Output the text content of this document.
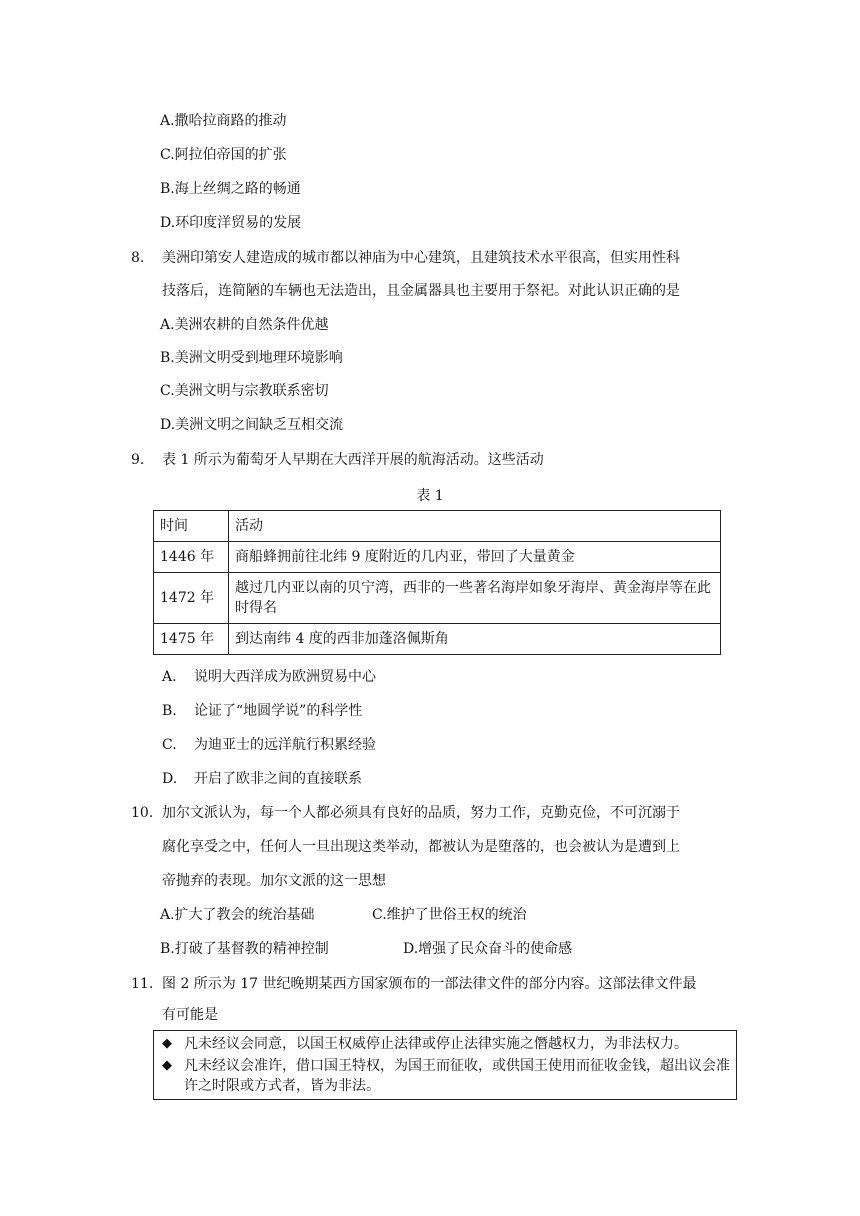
A.撒哈拉商路的推动
C.阿拉伯帝国的扩张
B.海上丝绸之路的畅通
D.环印度洋贸易的发展
8. 美洲印第安人建造成的城市都以神庙为中心建筑，且建筑技术水平很高，但实用性科
技落后，连简陋的车辆也无法造出，且金属器具也主要用于祭祀。对此认识正确的是
A.美洲农耕的自然条件优越
B.美洲文明受到地理环境影响
C.美洲文明与宗教联系密切
D.美洲文明之间缺乏互相交流
9. 表 1 所示为葡萄牙人早期在大西洋开展的航海活动。这些活动
表 1
时间	活动
1446 年	商船蜂拥前往北纬 9 度附近的几内亚，带回了大量黄金
1472 年	越过几内亚以南的贝宁湾，西非的一些著名海岸如象牙海岸、黄金海岸等在此时得名
1475 年	到达南纬 4 度的西非加蓬洛佩斯角
A. 说明大西洋成为欧洲贸易中心
B. 论证了“地圆学说”的科学性
C. 为迪亚士的远洋航行积累经验
D. 开启了欧非之间的直接联系
10. 加尔文派认为，每一个人都必须具有良好的品质，努力工作，克勤克俭，不可沉溺于
腐化享受之中，任何人一旦出现这类举动，都被认为是堕落的，也会被认为是遭到上
帝抛弃的表现。加尔文派的这一思想
A.扩大了教会的统治基础	C.维护了世俗王权的统治
B.打破了基督教的精神控制	D.增强了民众奋斗的使命感
11. 图 2 所示为 17 世纪晚期某西方国家颁布的一部法律文件的部分内容。这部法律文件最
有可能是
◆ 凡未经议会同意，以国王权威停止法律或停止法律实施之僭越权力，为非法权力。
◆ 凡未经议会准许，借口国王特权，为国王而征收，或供国王使用而征收金钱，超出议会准许之时限或方式者，皆为非法。
